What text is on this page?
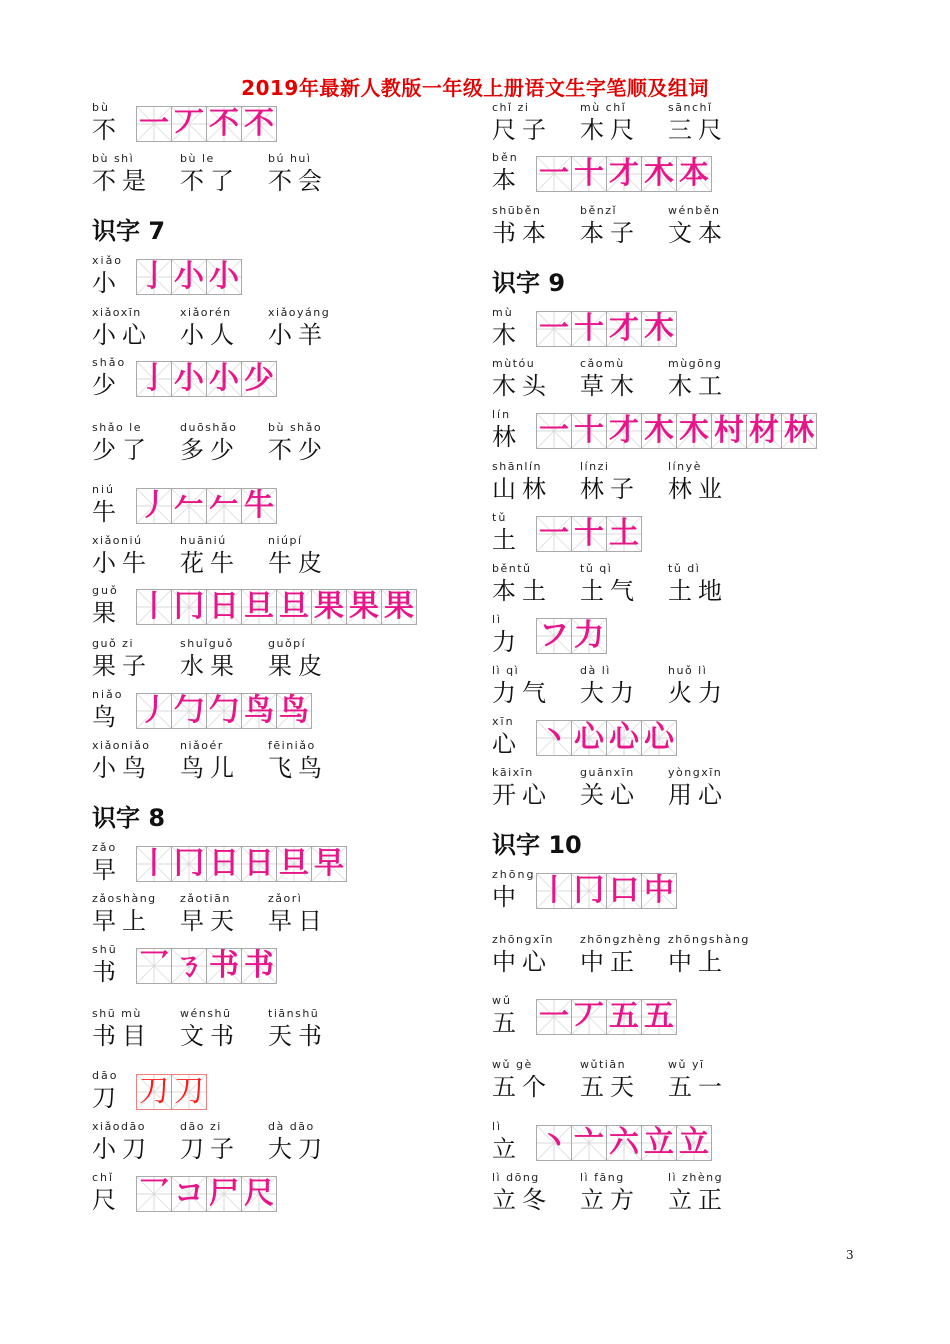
2019年最新人教版一年级上册语文生字笔顺及组词
bù
不 一 丆 不 不
bù shì
不是
bù le
不了
bú huì
不会
识字 7
xiǎo
小 亅 小 小
xiǎoxīn
小心
xiǎorén
小人
xiǎoyáng
小羊
shǎo
少 亅 小 小 少
shǎo le
少了
duōshǎo
多少
bù shǎo
不少
niú
牛 丿 𠂉 𠂉 牛
xiǎoniú
小牛
huāniú
花牛
niúpí
牛皮
guǒ
果 丨 冂 日 旦 旦 果 果 果
guǒ zi
果子
shuǐguǒ
水果
guǒpí
果皮
niǎo
鸟 丿 勹 勹 鸟 鸟
xiǎoniǎo
小鸟
niǎoér
鸟儿
fēiniǎo
飞鸟
识字 8
zǎo
早 丨 冂 日 日 旦 早
zǎoshàng
早上
zǎotiān
早天
zǎorì
早日
shū
书 乛 ㄋ 书 书
shū mù
书目
wénshū
文书
tiānshū
天书
dāo
刀 刀 刀
xiǎodāo
小刀
dāo zi
刀子
dà dāo
大刀
chǐ
尺 乛 コ 尸 尺
chǐ zi
尺子
mù chǐ
木尺
sānchǐ
三尺
běn
本 一 十 才 木 本
shūběn
书本
běnzǐ
本子
wénběn
文本
识字 9
mù
木 一 十 才 木
mùtóu
木头
cǎomù
草木
mùgōng
木工
lín
林 一 十 才 木 木 村 材 林
shānlín
山林
línzi
林子
línyè
林业
tǔ
土 一 十 土
běntǔ
本土
tǔ qì
土气
tǔ dì
土地
lì
力 フ 力
lì qì
力气
dà lì
大力
huǒ lì
火力
xīn
心 丶 心 心 心
kāixīn
开心
guānxīn
关心
yòngxīn
用心
识字 10
zhōng
中 丨 冂 口 中
zhōngxīn
中心
zhōngzhèng
中正
zhōngshàng
中上
wǔ
五 一 丆 五 五
wǔ gè
五个
wǔtiān
五天
wǔ yī
五一
lì
立 丶 亠 六 立 立
lì dōng
立冬
lì fāng
立方
lì zhèng
立正
3
